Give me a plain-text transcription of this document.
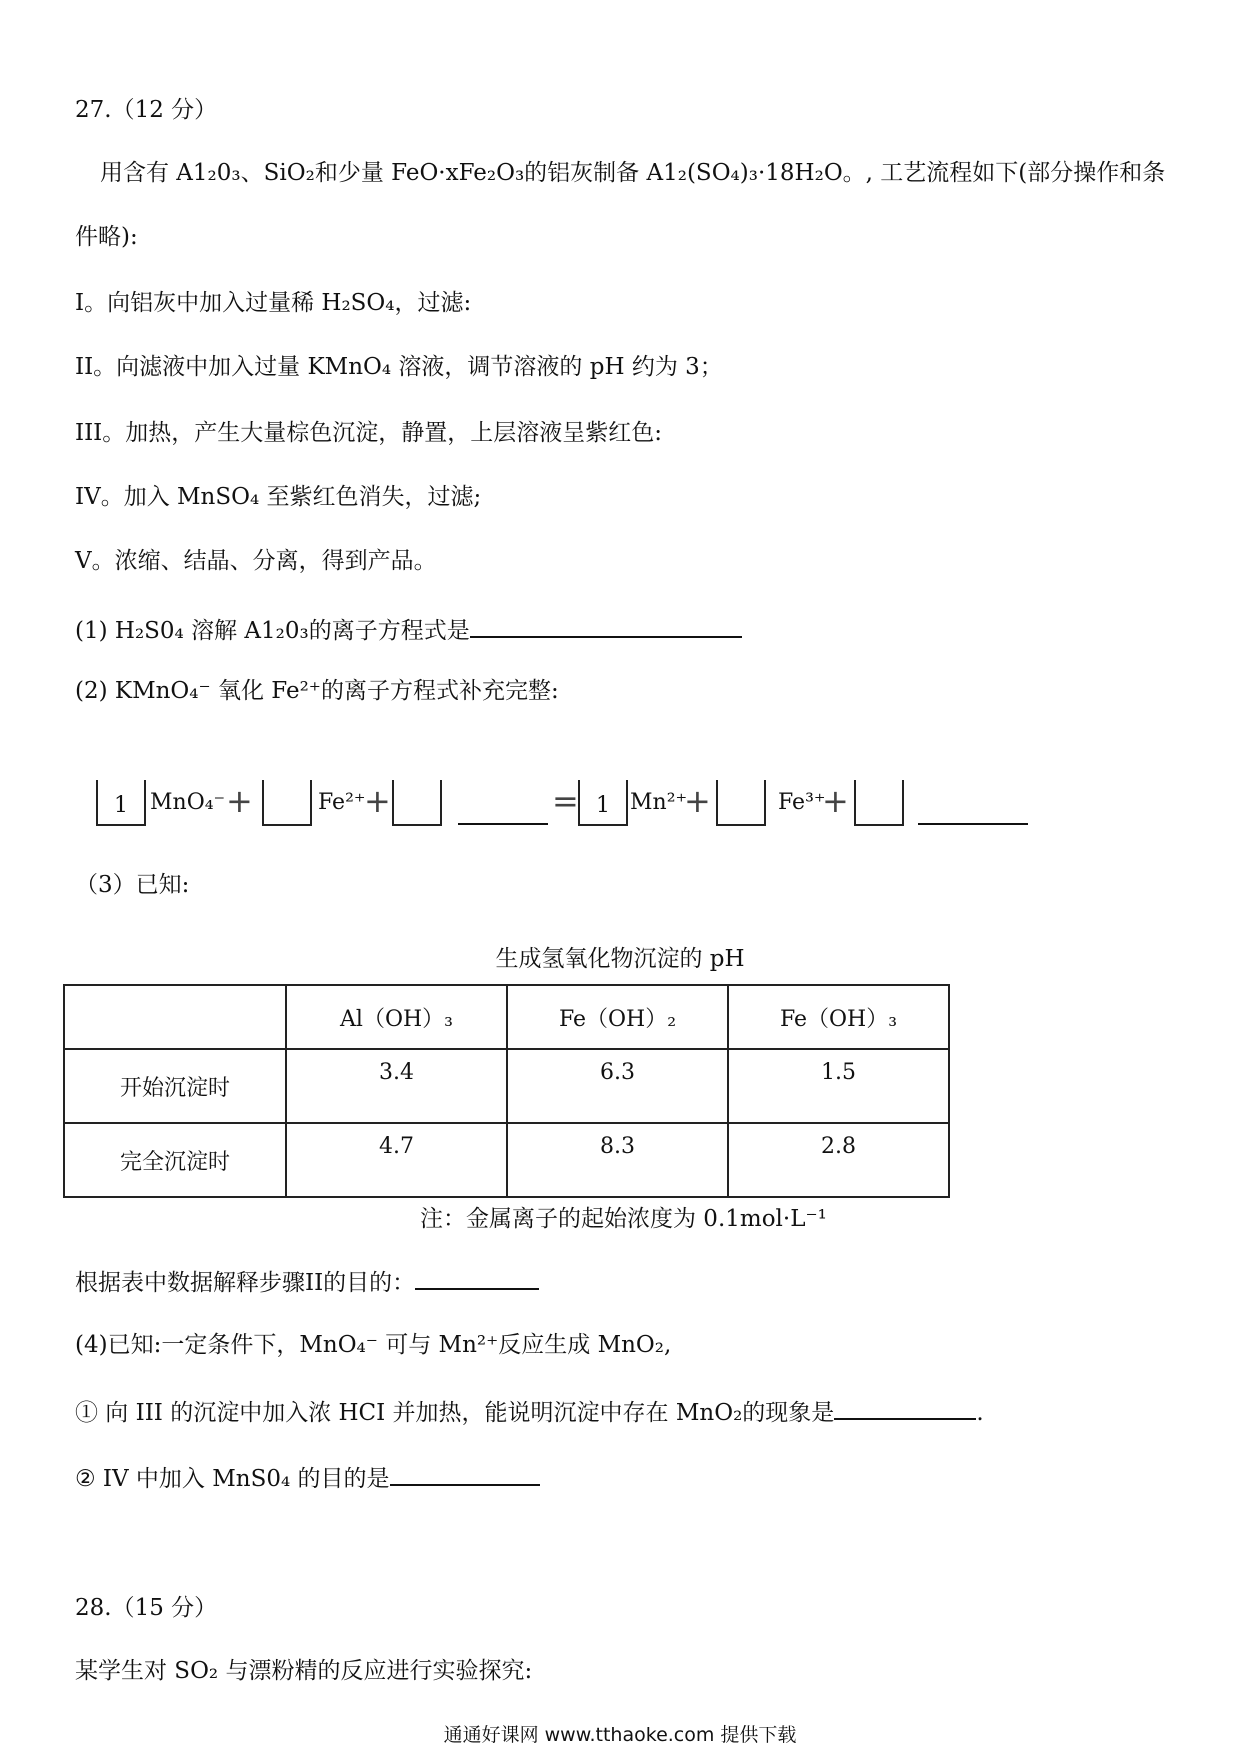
27.（12 分）
用含有 A1₂0₃、SiO₂和少量 FeO·xFe₂O₃的铝灰制备 A1₂(SO₄)₃·18H₂O。, 工艺流程如下(部分操作和条
件略):
I。向铝灰中加入过量稀 H₂SO₄，过滤:
II。向滤液中加入过量 KMnO₄ 溶液，调节溶液的 pH 约为 3；
III。加热，产生大量棕色沉淀，静置，上层溶液呈紫红色:
IV。加入 MnSO₄ 至紫红色消失，过滤;
V。浓缩、结晶、分离，得到产品。
(1) H₂S0₄ 溶解 A1₂0₃的离子方程式是
(2) KMnO₄⁻ 氧化 Fe²⁺的离子方程式补充完整:
1	MnO₄⁻ +	Fe²⁺
+	= 1 Mn²⁺
+	Fe³⁺
+
（3）已知:
生成氢氧化物沉淀的 pH
	Al（OH）₃	Fe（OH）₂	Fe（OH）₃
开始沉淀时	3.4	6.3	1.5
完全沉淀时	4.7	8.3	2.8
注：金属离子的起始浓度为 0.1mol·L⁻¹
根据表中数据解释步骤II的目的：
(4)已知:一定条件下，MnO₄⁻ 可与 Mn²⁺反应生成 MnO₂,
① 向 III 的沉淀中加入浓 HCI 并加热，能说明沉淀中存在 MnO₂的现象是	.
② IV 中加入 MnS0₄ 的目的是
28.（15 分）
某学生对 SO₂ 与漂粉精的反应进行实验探究:
通通好课网 www.tthaoke.com 提供下载
